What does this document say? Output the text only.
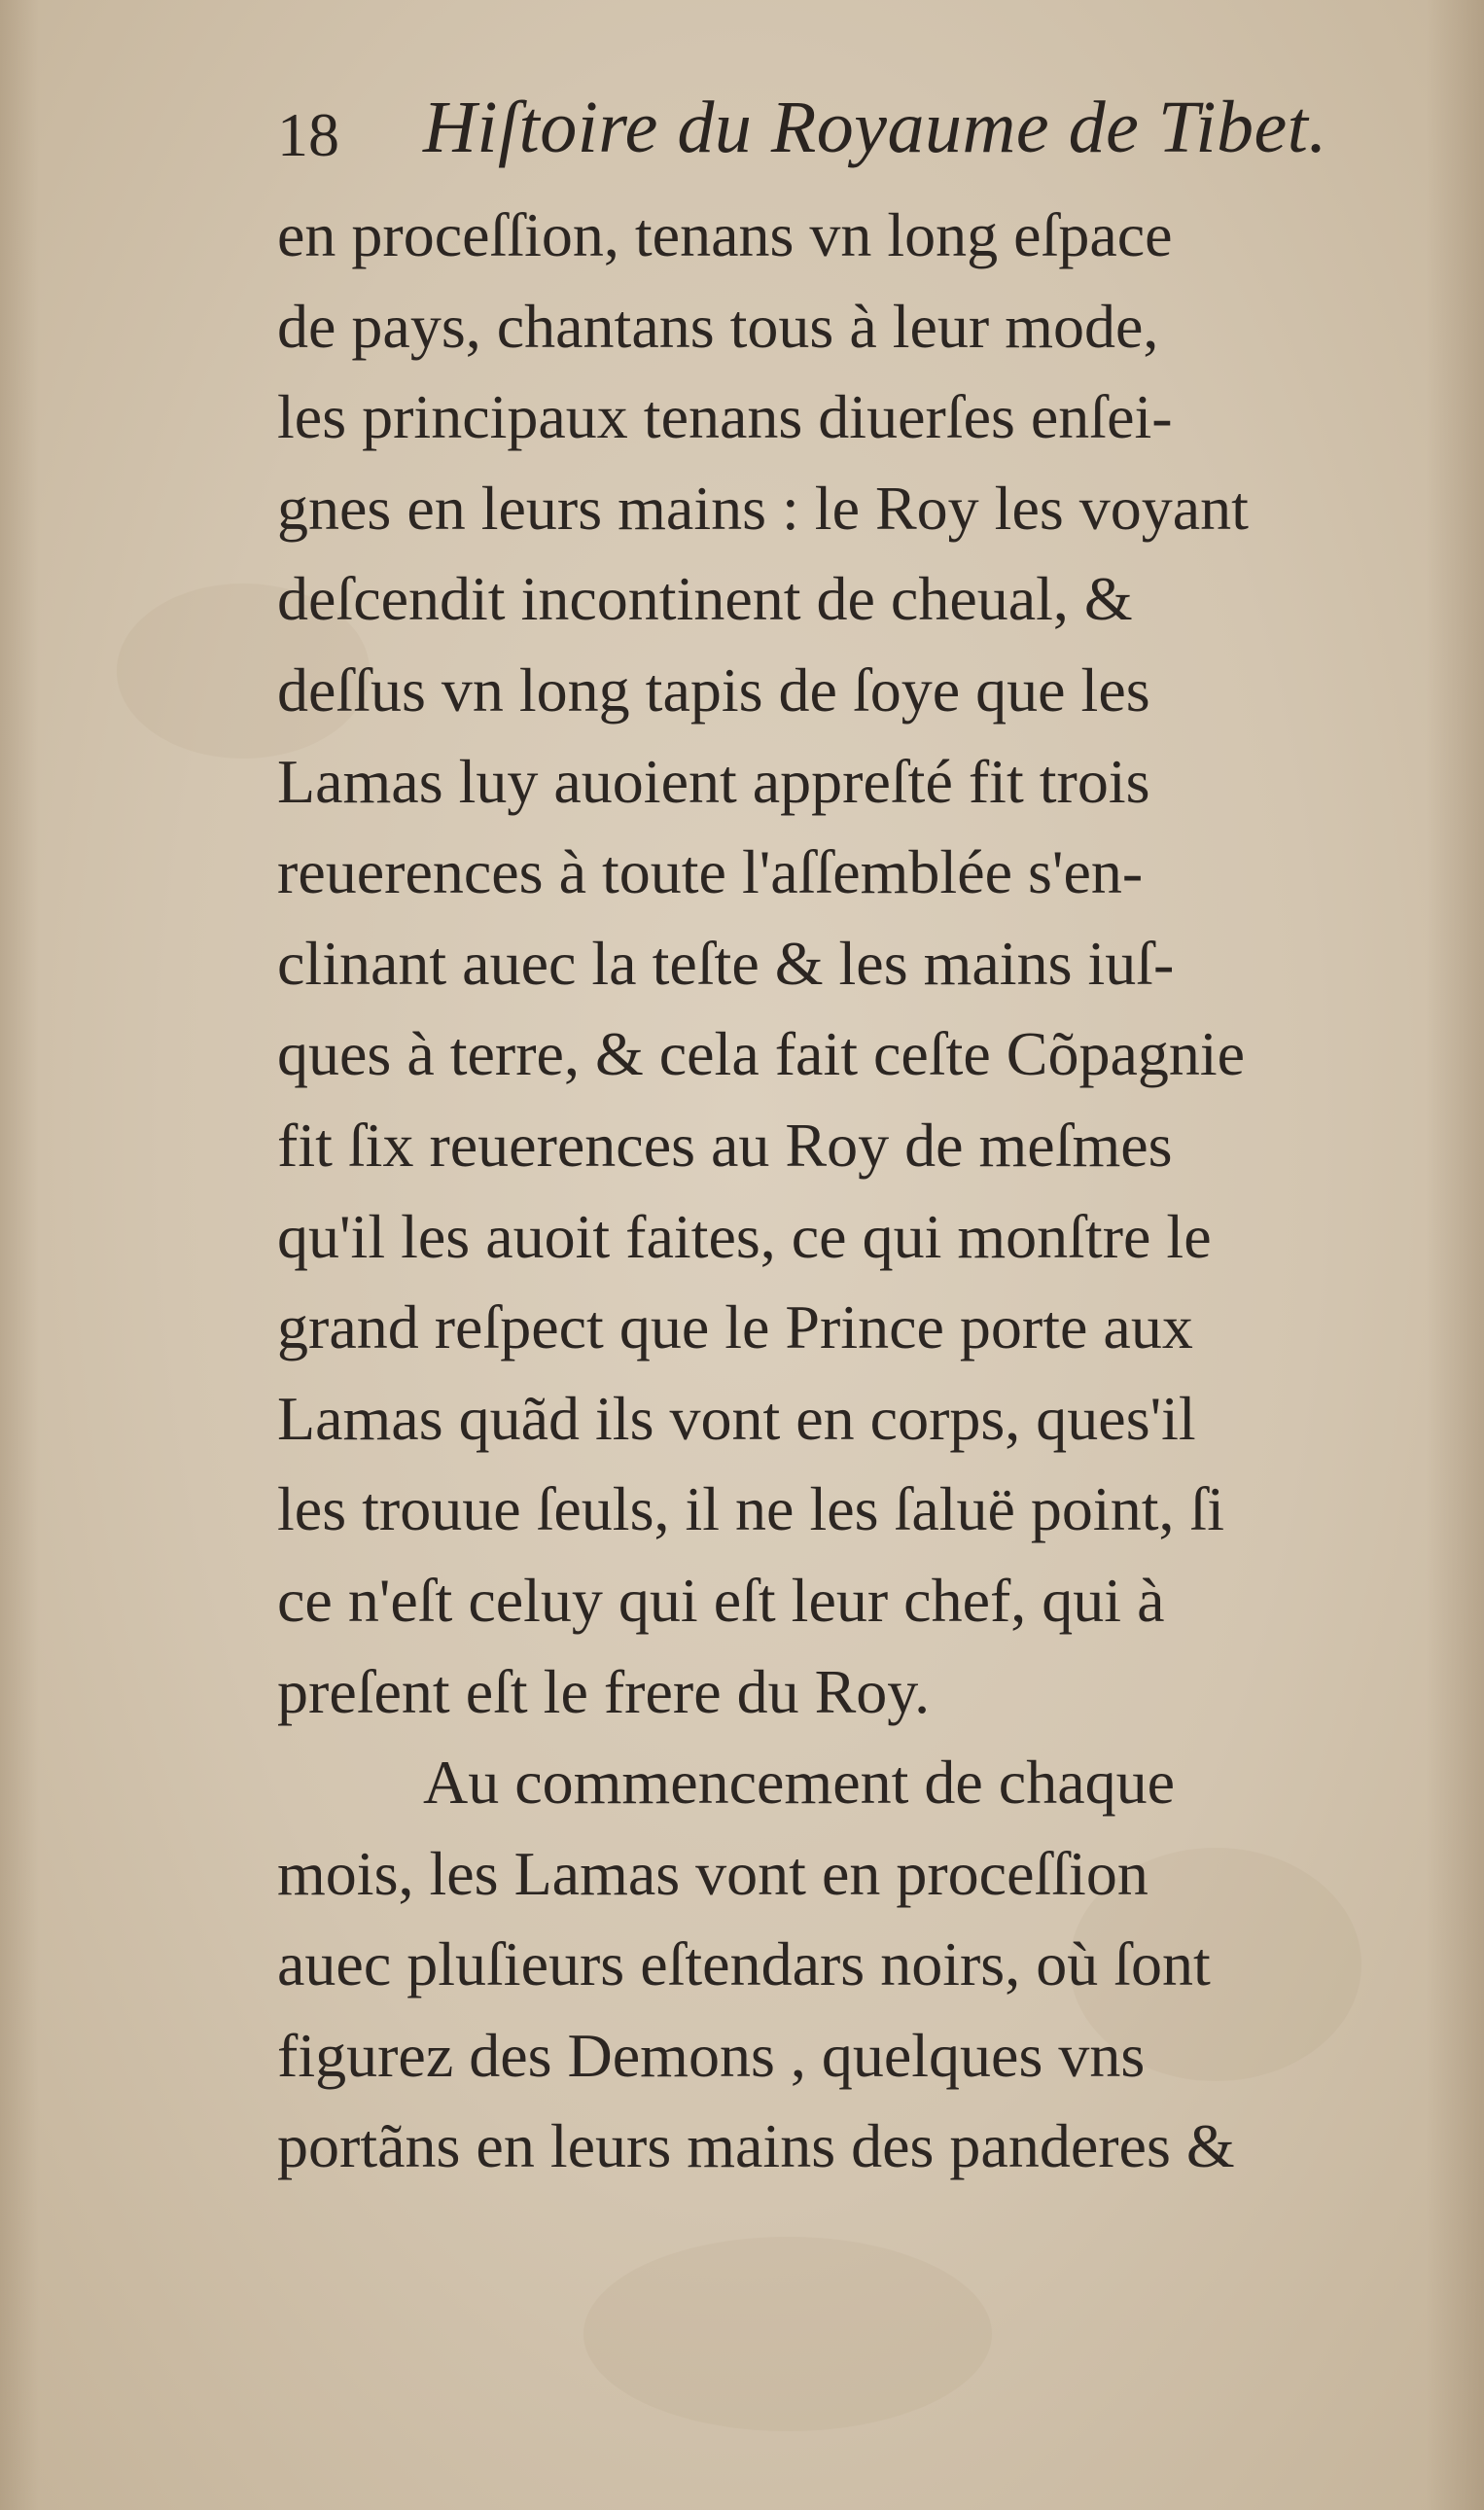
18 Hiſtoire du Royaume de Tibet.
en proceſſion, tenans vn long eſpace
de pays, chantans tous à leur mode,
les principaux tenans diuerſes enſei-
gnes en leurs mains : le Roy les voyant
deſcendit incontinent de cheual, &
deſſus vn long tapis de ſoye que les
Lamas luy auoient appreſté fit trois
reuerences à toute l'aſſemblée s'en-
clinant auec la teſte & les mains iuſ-
ques à terre, & cela fait ceſte Cõpagnie
fit ſix reuerences au Roy de meſmes
qu'il les auoit faites, ce qui monſtre le
grand reſpect que le Prince porte aux
Lamas quãd ils vont en corps, ques'il
les trouue ſeuls, il ne les ſaluë point, ſi
ce n'eſt celuy qui eſt leur chef, qui à
preſent eſt le frere du Roy.
Au commencement de chaque
mois, les Lamas vont en proceſſion
auec pluſieurs eſtendars noirs, où ſont
figurez des Demons , quelques vns
portãns en leurs mains des panderes &
